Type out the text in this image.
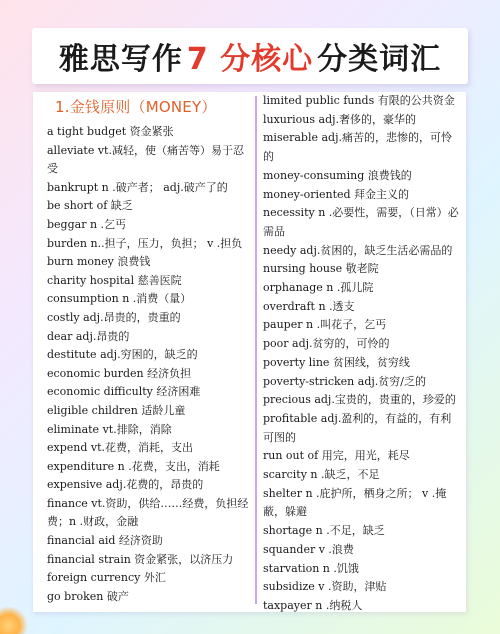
雅思写作 7 分核心 分类词汇
1.金钱原则（MONEY）
a tight budget 资金紧张
alleviate vt.减轻，使（痛苦等）易于忍受
bankrupt n .破产者； adj.破产了的
be short of 缺乏
beggar n .乞丐
burden n..担子，压力，负担； v .担负
burn money 浪费钱
charity hospital 慈善医院
consumption n .消费（量）
costly adj.昂贵的，贵重的
dear adj.昂贵的
destitute adj.穷困的，缺乏的
economic burden 经济负担
economic difficulty 经济困难
eligible children 适龄儿童
eliminate vt.排除，消除
expend vt.花费，消耗，支出
expenditure n .花费，支出，消耗
expensive adj.花费的，昂贵的
finance vt.资助，供给……经费，负担经费；n .财政，金融
financial aid 经济资助
financial strain 资金紧张，以济压力
foreign currency 外汇
go broken 破产
limited public funds 有限的公共资金
luxurious adj.奢侈的，豪华的
miserable adj.痛苦的，悲惨的，可怜的
money-consuming 浪费钱的
money-oriented 拜金主义的
necessity n .必要性，需要，（日常）必需品
needy adj.贫困的，缺乏生活必需品的
nursing house 敬老院
orphanage n .孤儿院
overdraft n .透支
pauper n .叫花子，乞丐
poor adj.贫穷的，可怜的
poverty line 贫困线，贫穷线
poverty-stricken adj.贫穷/乏的
precious adj.宝贵的，贵重的，珍爱的
profitable adj.盈利的，有益的，有利可图的
run out of 用完，用光，耗尽
scarcity n .缺乏，不足
shelter n .庇护所，栖身之所； v .掩蔽，躲避
shortage n .不足，缺乏
squander v .浪费
starvation n .饥饿
subsidize v .资助，津贴
taxpayer n .纳税人
